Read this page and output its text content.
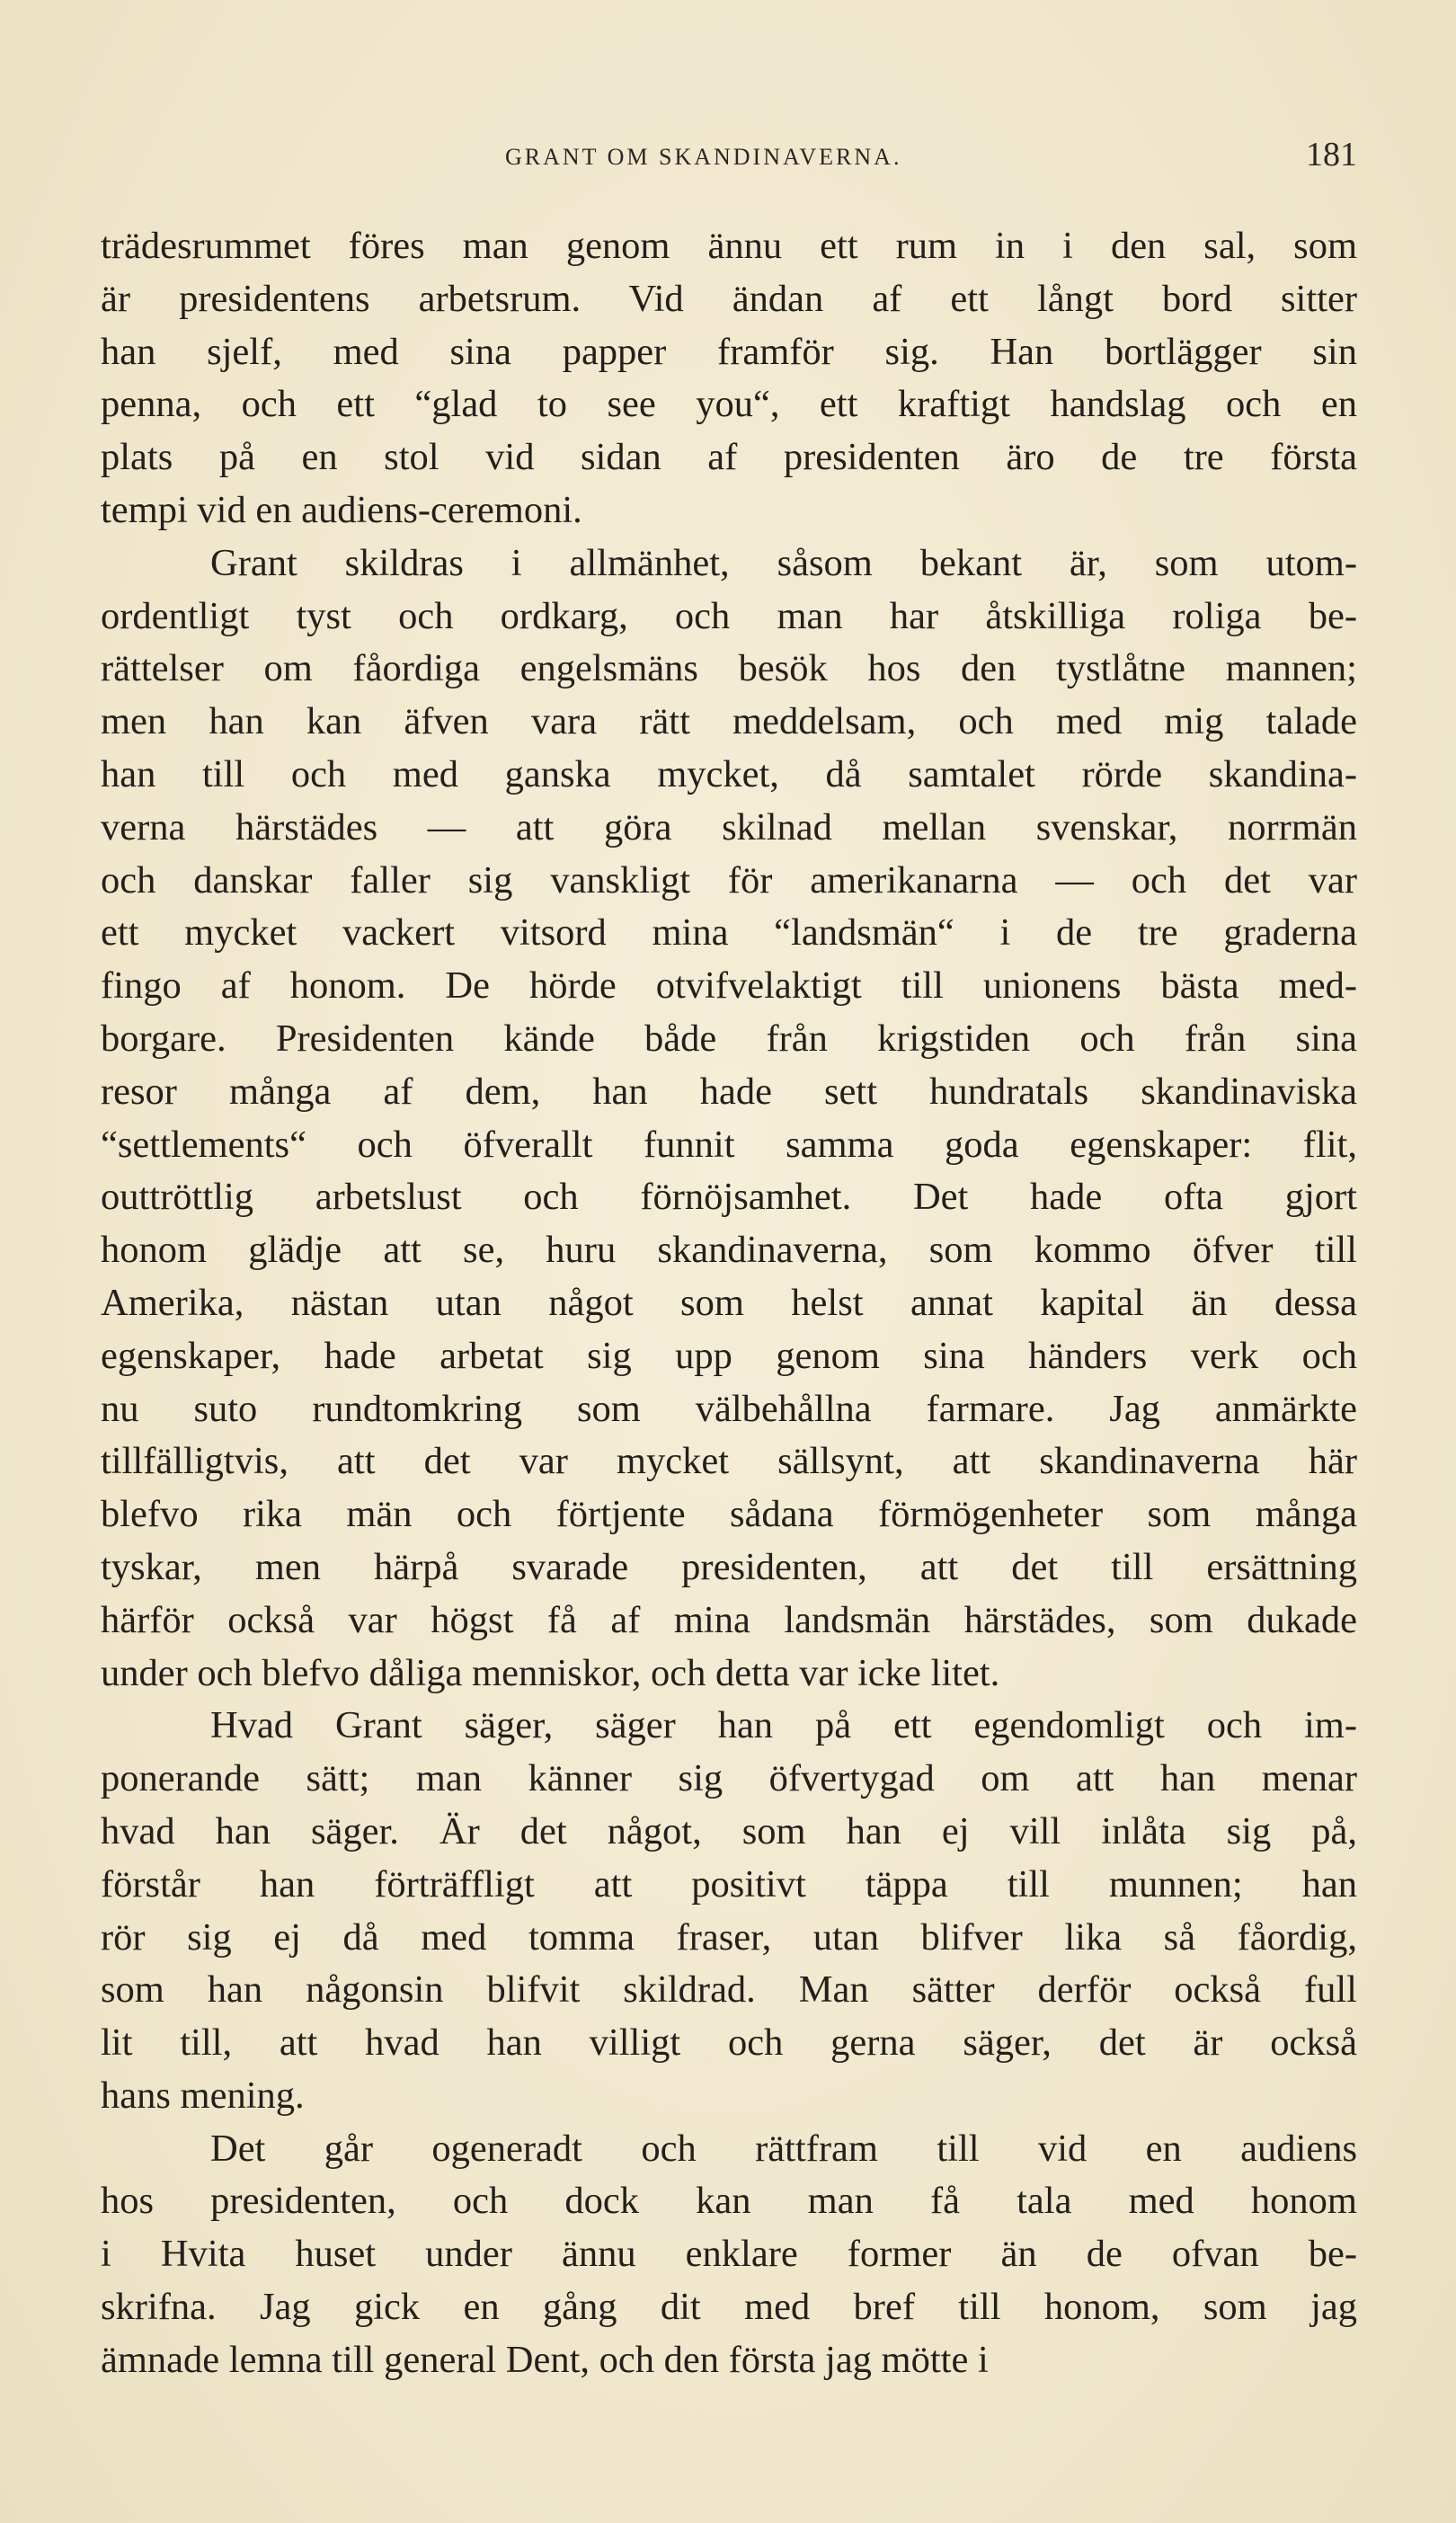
GRANT OM SKANDINAVERNA.	181
trädesrummet föres man genom ännu ett rum in i den sal, som
är presidentens arbetsrum. Vid ändan af ett långt bord sitter
han sjelf, med sina papper framför sig. Han bortlägger sin
penna, och ett “glad to see you“, ett kraftigt handslag och en
plats på en stol vid sidan af presidenten äro de tre första
tempi vid en audiens-ceremoni.
Grant skildras i allmänhet, såsom bekant är, som utom-
ordentligt tyst och ordkarg, och man har åtskilliga roliga be-
rättelser om fåordiga engelsmäns besök hos den tystlåtne mannen;
men han kan äfven vara rätt meddelsam, och med mig talade
han till och med ganska mycket, då samtalet rörde skandina-
verna härstädes — att göra skilnad mellan svenskar, norrmän
och danskar faller sig vanskligt för amerikanarna — och det var
ett mycket vackert vitsord mina “landsmän“ i de tre graderna
fingo af honom. De hörde otvifvelaktigt till unionens bästa med-
borgare. Presidenten kände både från krigstiden och från sina
resor många af dem, han hade sett hundratals skandinaviska
“settlements“ och öfverallt funnit samma goda egenskaper: flit,
outtröttlig arbetslust och förnöjsamhet. Det hade ofta gjort
honom glädje att se, huru skandinaverna, som kommo öfver till
Amerika, nästan utan något som helst annat kapital än dessa
egenskaper, hade arbetat sig upp genom sina händers verk och
nu suto rundtomkring som välbehållna farmare. Jag anmärkte
tillfälligtvis, att det var mycket sällsynt, att skandinaverna här
blefvo rika män och förtjente sådana förmögenheter som många
tyskar, men härpå svarade presidenten, att det till ersättning
härför också var högst få af mina landsmän härstädes, som dukade
under och blefvo dåliga menniskor, och detta var icke litet.
Hvad Grant säger, säger han på ett egendomligt och im-
ponerande sätt; man känner sig öfvertygad om att han menar
hvad han säger. Är det något, som han ej vill inlåta sig på,
förstår han förträffligt att positivt täppa till munnen; han
rör sig ej då med tomma fraser, utan blifver lika så fåordig,
som han någonsin blifvit skildrad. Man sätter derför också full
lit till, att hvad han villigt och gerna säger, det är också
hans mening.
Det går ogeneradt och rättfram till vid en audiens
hos presidenten, och dock kan man få tala med honom
i Hvita huset under ännu enklare former än de ofvan be-
skrifna. Jag gick en gång dit med bref till honom, som jag
ämnade lemna till general Dent, och den första jag mötte i
